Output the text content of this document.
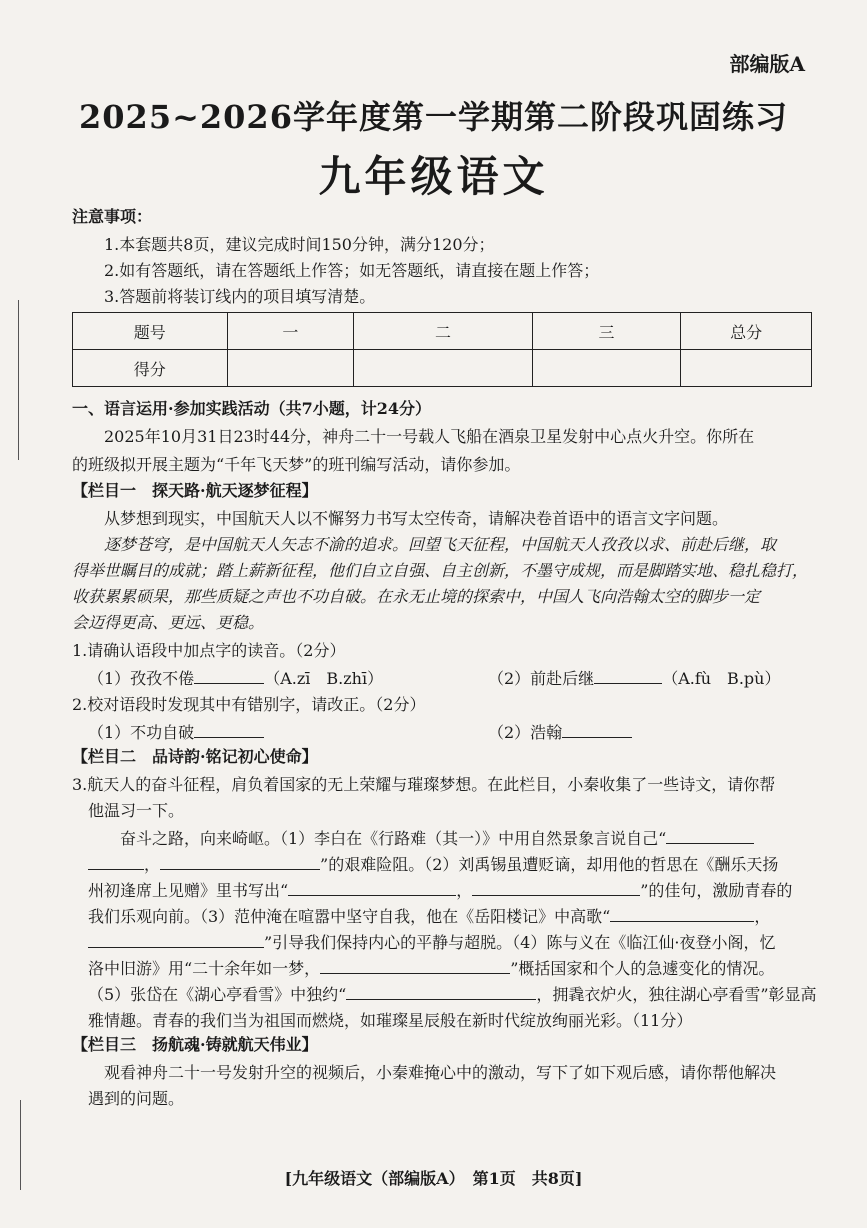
部编版A
2025~2026学年度第一学期第二阶段巩固练习
九年级语文
注意事项：
1.本套题共8页，建议完成时间150分钟，满分120分；
2.如有答题纸，请在答题纸上作答；如无答题纸，请直接在题上作答；
3.答题前将装订线内的项目填写清楚。
题号	一	二	三	总分
得分				
一、语言运用·参加实践活动（共7小题，计24分）
2025年10月31日23时44分，神舟二十一号载人飞船在酒泉卫星发射中心点火升空。你所在
的班级拟开展主题为“千年飞天梦”的班刊编写活动，请你参加。
【栏目一　探天路·航天逐梦征程】
从梦想到现实，中国航天人以不懈努力书写太空传奇，请解决卷首语中的语言文字问题。
逐梦苍穹，是中国航天人矢志不渝的追求。回望飞天征程，中国航天人孜孜以求、前赴后继，取
得举世瞩目的成就；踏上薪新征程，他们自立自强、自主创新，不墨守成规，而是脚踏实地、稳扎稳打，
收获累累硕果，那些质疑之声也不功自破。在永无止境的探索中，中国人飞向浩翰太空的脚步一定
会迈得更高、更远、更稳。
1.请确认语段中加点字的读音。（2分）
（1）孜孜不倦	（A.zī　B.zhī）	（2）前赴后继	（A.fù　B.pù）
2.校对语段时发现其中有错别字，请改正。（2分）
（1）不功自破	（2）浩翰
【栏目二　品诗韵·铭记初心使命】
3.航天人的奋斗征程，肩负着国家的无上荣耀与璀璨梦想。在此栏目，小秦收集了一些诗文，请你帮
他温习一下。
奋斗之路，向来崎岖。（1）李白在《行路难（其一）》中用自然景象言说自己“
，	”的艰难险阻。（2）刘禹锡虽遭贬谪，却用他的哲思在《酬乐天扬
州初逢席上见赠》里书写出“	，	”的佳句，激励青春的
我们乐观向前。（3）范仲淹在喧嚣中坚守自我，他在《岳阳楼记》中高歌“	，
”引导我们保持内心的平静与超脱。（4）陈与义在《临江仙·夜登小阁，忆
洛中旧游》用“二十余年如一梦，	”概括国家和个人的急遽变化的情况。
（5）张岱在《湖心亭看雪》中独约“	，拥毳衣炉火，独往湖心亭看雪”彰显高
雅情趣。青春的我们当为祖国而燃烧，如璀璨星辰般在新时代绽放绚丽光彩。（11分）
【栏目三　扬航魂·铸就航天伟业】
观看神舟二十一号发射升空的视频后，小秦难掩心中的激动，写下了如下观后感，请你帮他解决
遇到的问题。
[九年级语文（部编版A）　第1页　共8页]
